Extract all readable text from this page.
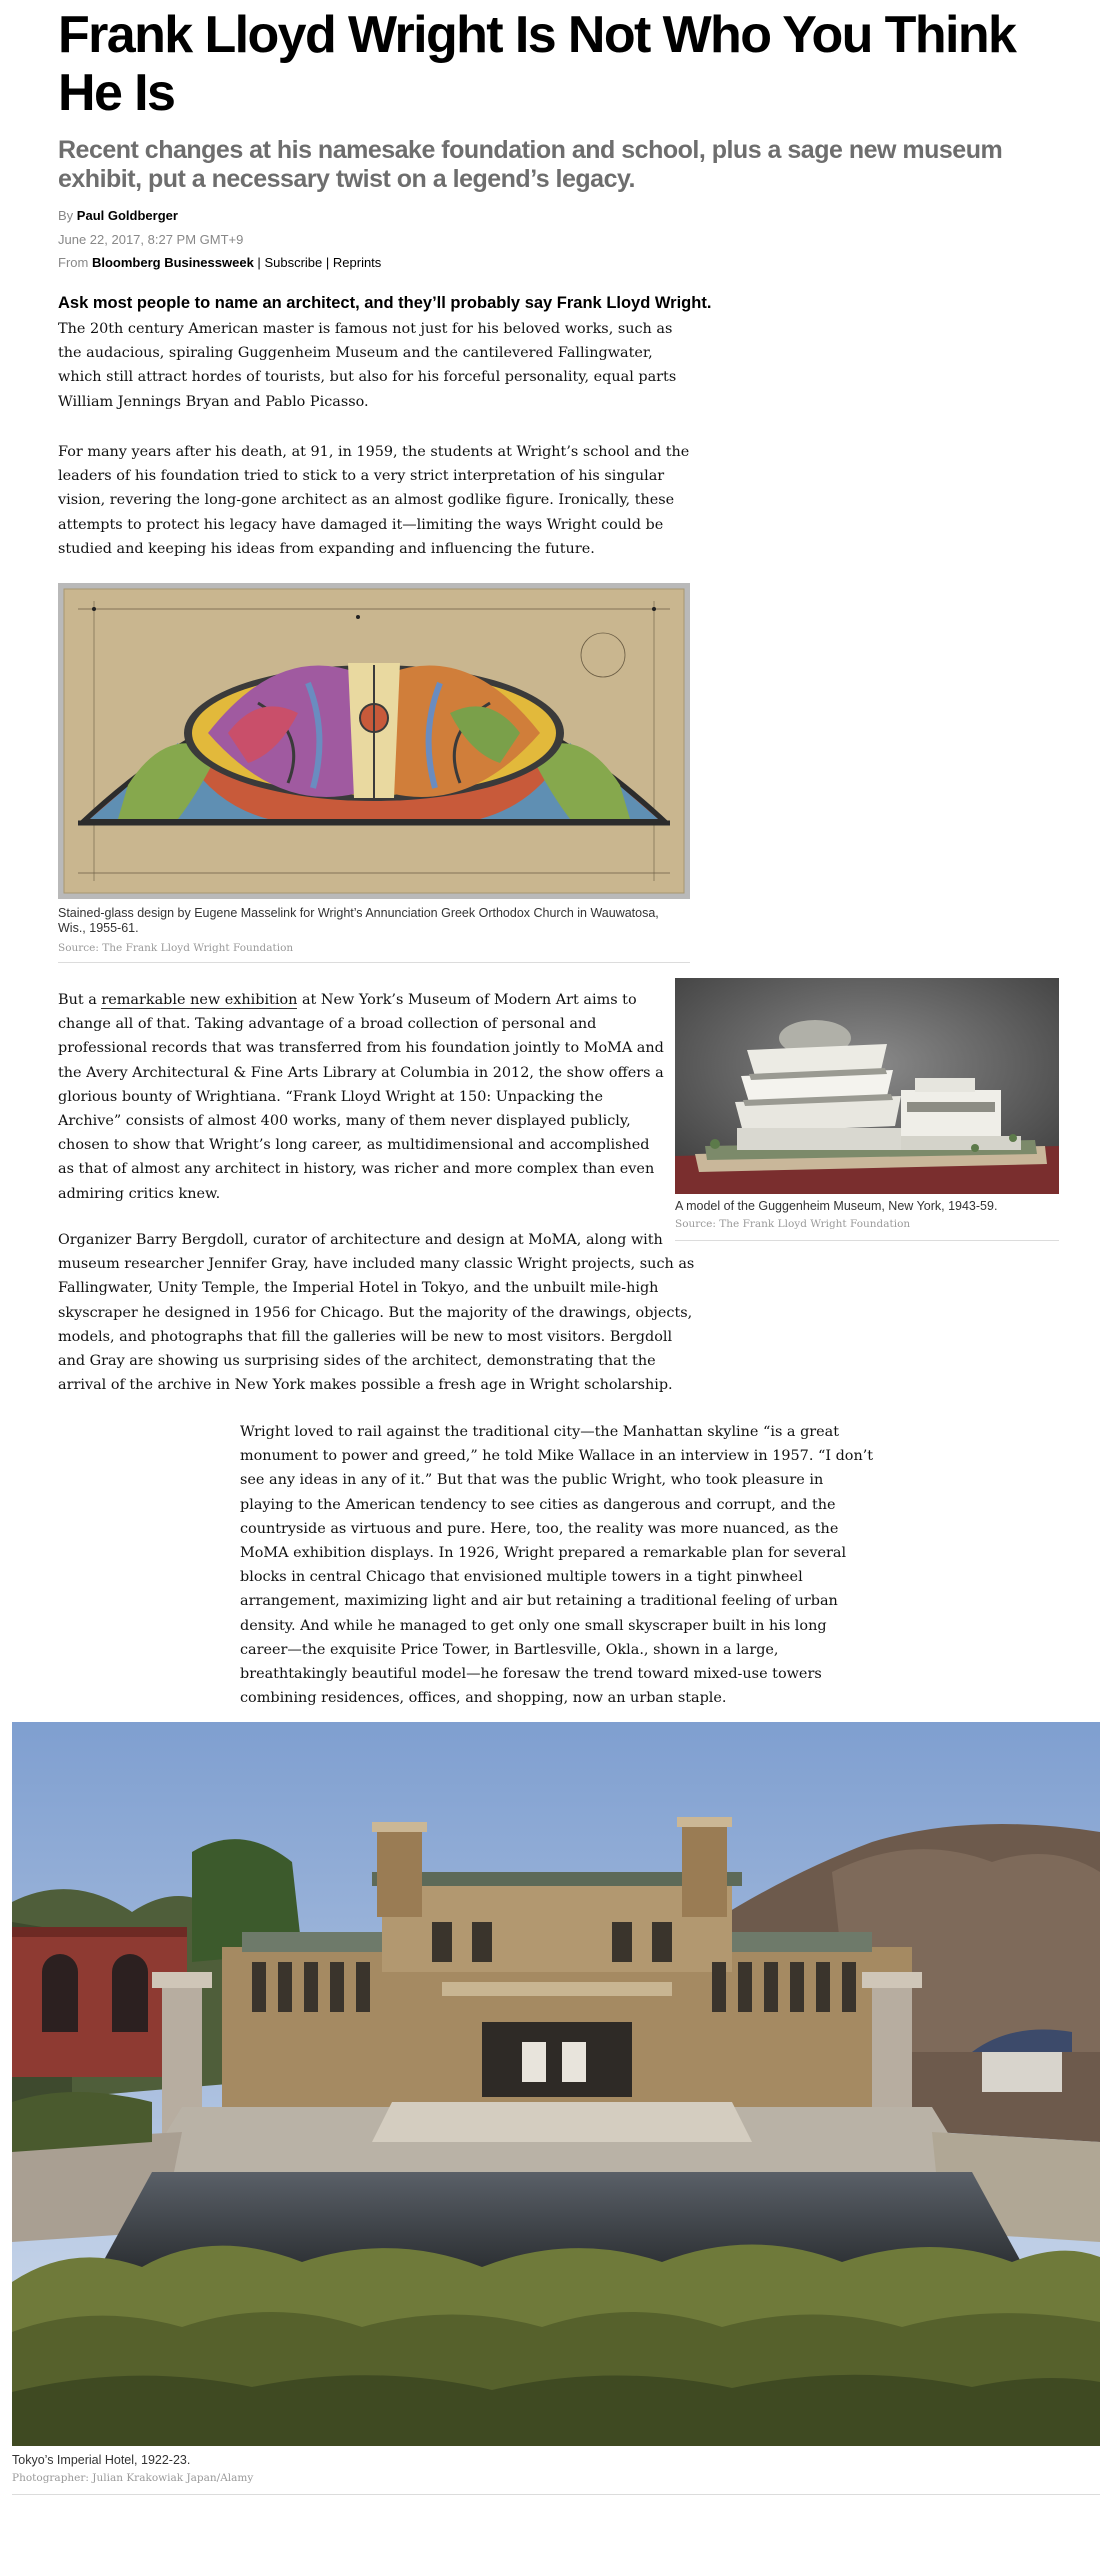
Frank Lloyd Wright Is Not Who You Think He Is
Recent changes at his namesake foundation and school, plus a sage new museum exhibit, put a necessary twist on a legend’s legacy.
By Paul Goldberger
June 22, 2017, 8:27 PM GMT+9
From Bloomberg Businessweek | Subscribe | Reprints

Ask most people to name an architect, and they’ll probably say Frank Lloyd Wright.

The 20th century American master is famous not just for his beloved works, such as the audacious, spiraling Guggenheim Museum and the cantilevered Fallingwater, which still attract hordes of tourists, but also for his forceful personality, equal parts William Jennings Bryan and Pablo Picasso.

For many years after his death, at 91, in 1959, the students at Wright’s school and the leaders of his foundation tried to stick to a very strict interpretation of his singular vision, revering the long-gone architect as an almost godlike figure. Ironically, these attempts to protect his legacy have damaged it—limiting the ways Wright could be studied and keeping his ideas from expanding and influencing the future.

Stained-glass design by Eugene Masselink for Wright’s Annunciation Greek Orthodox Church in Wauwatosa, Wis., 1955-61.

Source: The Frank Lloyd Wright Foundation

But a remarkable new exhibition at New York’s Museum of Modern Art aims to change all of that. Taking advantage of a broad collection of personal and professional records that was transferred from his foundation jointly to MoMA and the Avery Architectural & Fine Arts Library at Columbia in 2012, the show offers a glorious bounty of Wrightiana. “Frank Lloyd Wright at 150: Unpacking the Archive” consists of almost 400 works, many of them never displayed publicly, chosen to show that Wright’s long career, as multidimensional and accomplished as that of almost any architect in history, was richer and more complex than even admiring critics knew.

A model of the Guggenheim Museum, New York, 1943-59.

Source: The Frank Lloyd Wright Foundation

Organizer Barry Bergdoll, curator of architecture and design at MoMA, along with museum researcher Jennifer Gray, have included many classic Wright projects, such as Fallingwater, Unity Temple, the Imperial Hotel in Tokyo, and the unbuilt mile-high skyscraper he designed in 1956 for Chicago. But the majority of the drawings, objects, models, and photographs that fill the galleries will be new to most visitors. Bergdoll and Gray are showing us surprising sides of the architect, demonstrating that the arrival of the archive in New York makes possible a fresh age in Wright scholarship.

Wright loved to rail against the traditional city—the Manhattan skyline “is a great monument to power and greed,” he told Mike Wallace in an interview in 1957. “I don’t see any ideas in any of it.” But that was the public Wright, who took pleasure in playing to the American tendency to see cities as dangerous and corrupt, and the countryside as virtuous and pure. Here, too, the reality was more nuanced, as the MoMA exhibition displays. In 1926, Wright prepared a remarkable plan for several blocks in central Chicago that envisioned multiple towers in a tight pinwheel arrangement, maximizing light and air but retaining a traditional feeling of urban density. And while he managed to get only one small skyscraper built in his long career—the exquisite Price Tower, in Bartlesville, Okla., shown in a large, breathtakingly beautiful model—he foresaw the trend toward mixed-use towers combining residences, offices, and shopping, now an urban staple.

Tokyo’s Imperial Hotel, 1922-23.

Photographer: Julian Krakowiak Japan/Alamy
